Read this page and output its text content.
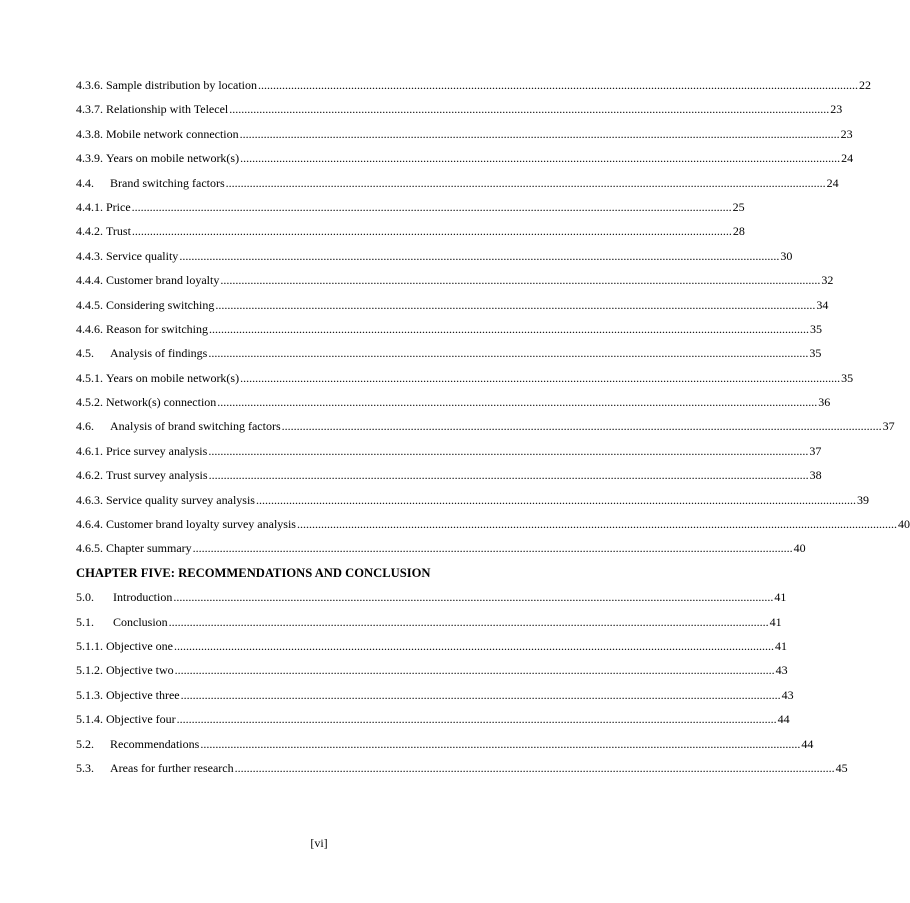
4.3.6. Sample distribution by location ........................................................................................................................................................................................................ 22
4.3.7. Relationship with Telecel ........................................................................................................................................................................................................ 23
4.3.8. Mobile network connection ........................................................................................................................................................................................................ 23
4.3.9. Years on mobile network(s) ........................................................................................................................................................................................................ 24
4.4.	Brand switching factors ........................................................................................................................................................................................................ 24
4.4.1. Price ........................................................................................................................................................................................................ 25
4.4.2. Trust ........................................................................................................................................................................................................ 28
4.4.3. Service quality ........................................................................................................................................................................................................ 30
4.4.4. Customer brand loyalty ........................................................................................................................................................................................................ 32
4.4.5. Considering switching ........................................................................................................................................................................................................ 34
4.4.6. Reason for switching ........................................................................................................................................................................................................ 35
4.5.	Analysis of findings ........................................................................................................................................................................................................ 35
4.5.1. Years on mobile network(s) ........................................................................................................................................................................................................ 35
4.5.2. Network(s) connection ........................................................................................................................................................................................................ 36
4.6.	Analysis of brand switching factors ........................................................................................................................................................................................................ 37
4.6.1. Price survey analysis ........................................................................................................................................................................................................ 37
4.6.2. Trust survey analysis ........................................................................................................................................................................................................ 38
4.6.3. Service quality survey analysis ........................................................................................................................................................................................................ 39
4.6.4. Customer brand loyalty survey analysis ........................................................................................................................................................................................................ 40
4.6.5. Chapter summary ........................................................................................................................................................................................................ 40
CHAPTER FIVE: RECOMMENDATIONS AND CONCLUSION
5.0.	Introduction ........................................................................................................................................................................................................ 41
5.1.	Conclusion ........................................................................................................................................................................................................ 41
5.1.1. Objective one ........................................................................................................................................................................................................ 41
5.1.2. Objective two ........................................................................................................................................................................................................ 43
5.1.3. Objective three ........................................................................................................................................................................................................ 43
5.1.4. Objective four ........................................................................................................................................................................................................ 44
5.2.	Recommendations ........................................................................................................................................................................................................ 44
5.3.	Areas for further research ........................................................................................................................................................................................................ 45
[vi]
